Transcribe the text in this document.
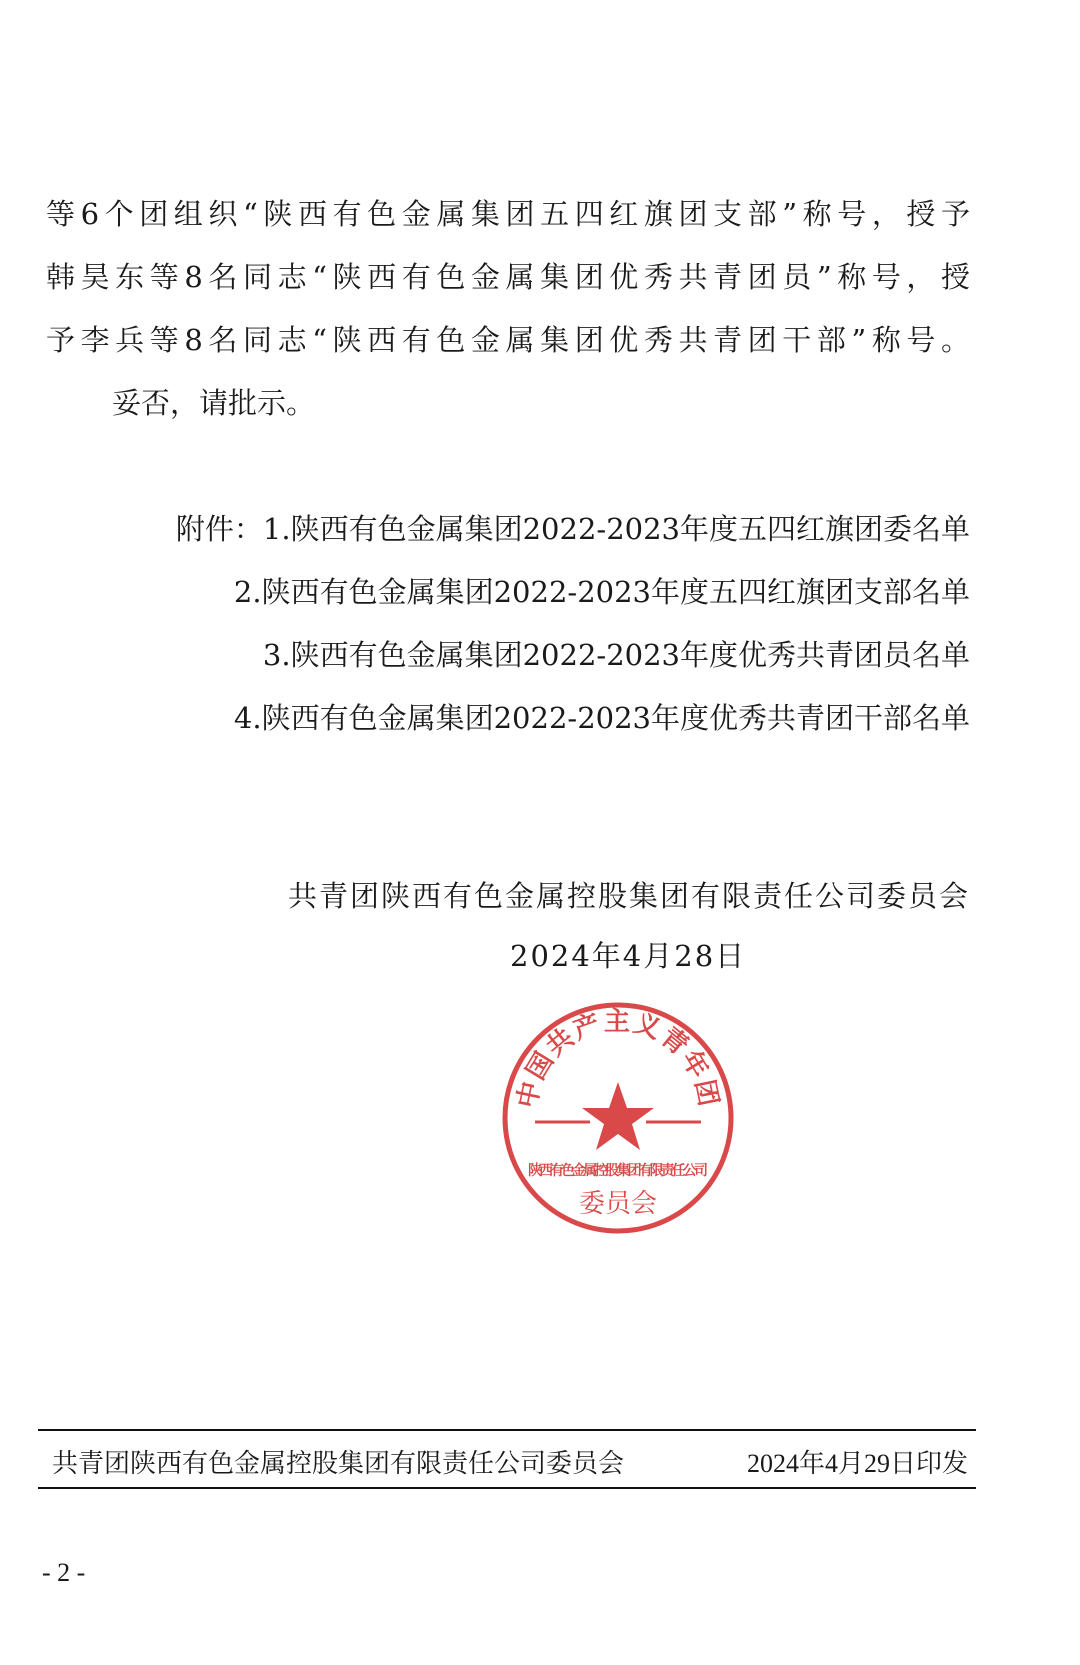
等6个团组织“陕西有色金属集团五四红旗团支部”称号，授予
韩昊东等8名同志“陕西有色金属集团优秀共青团员”称号，授
予李兵等8名同志“陕西有色金属集团优秀共青团干部”称号。
妥否，请批示。
附件：1.陕西有色金属集团2022-2023年度五四红旗团委名单
2.陕西有色金属集团2022-2023年度五四红旗团支部名单
3.陕西有色金属集团2022-2023年度优秀共青团员名单
4.陕西有色金属集团2022-2023年度优秀共青团干部名单
共青团陕西有色金属控股集团有限责任公司委员会
2024年4月28日
中国共产主义青年团
陕西有色金属控股集团有限责任公司
委员会
共青团陕西有色金属控股集团有限责任公司委员会	2024年4月29日印发
- 2 -
